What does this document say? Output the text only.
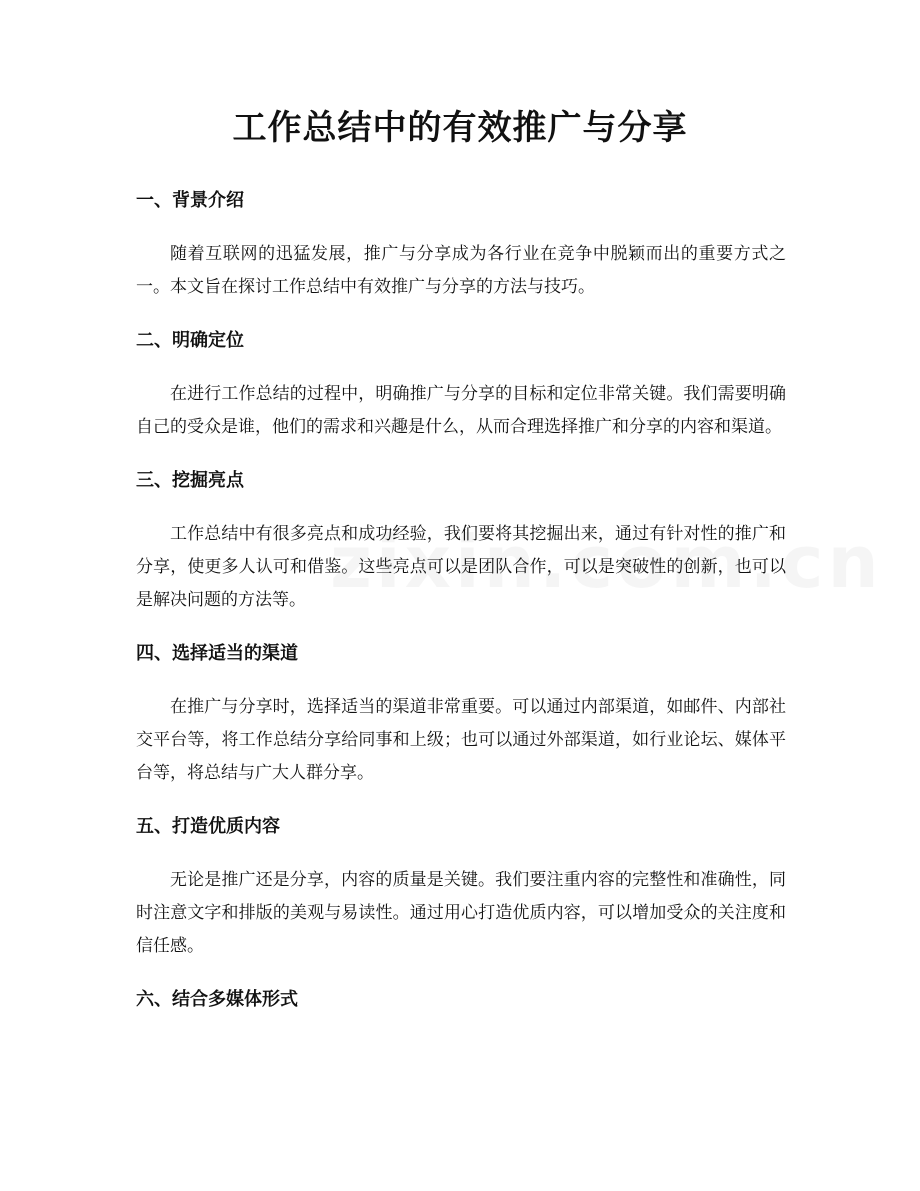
工作总结中的有效推广与分享
一、背景介绍

随着互联网的迅猛发展，推广与分享成为各行业在竞争中脱颖而出的重要方式之一。本文旨在探讨工作总结中有效推广与分享的方法与技巧。

二、明确定位

在进行工作总结的过程中，明确推广与分享的目标和定位非常关键。我们需要明确自己的受众是谁，他们的需求和兴趣是什么，从而合理选择推广和分享的内容和渠道。

三、挖掘亮点

工作总结中有很多亮点和成功经验，我们要将其挖掘出来，通过有针对性的推广和分享，使更多人认可和借鉴。这些亮点可以是团队合作，可以是突破性的创新，也可以是解决问题的方法等。

四、选择适当的渠道

在推广与分享时，选择适当的渠道非常重要。可以通过内部渠道，如邮件、内部社交平台等，将工作总结分享给同事和上级；也可以通过外部渠道，如行业论坛、媒体平台等，将总结与广大人群分享。

五、打造优质内容

无论是推广还是分享，内容的质量是关键。我们要注重内容的完整性和准确性，同时注意文字和排版的美观与易读性。通过用心打造优质内容，可以增加受众的关注度和信任感。

六、结合多媒体形式
